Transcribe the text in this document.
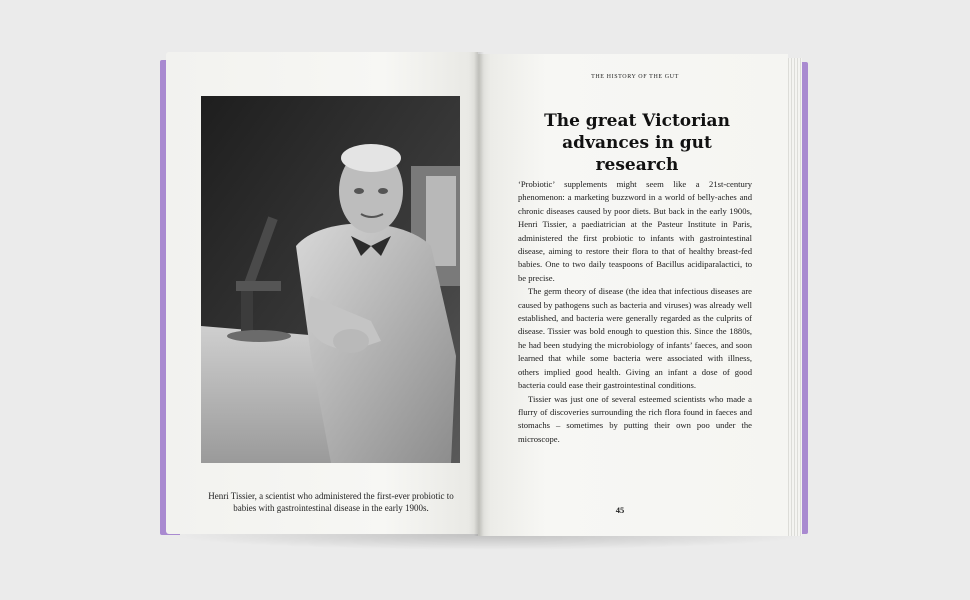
Henri Tissier, a scientist who administered the first-ever probiotic to babies with gastrointestinal disease in the early 1900s.
THE HISTORY OF THE GUT
The great Victorian advances in gut research

‘Probiotic’ supplements might seem like a 21st-century phenomenon: a marketing buzzword in a world of belly-aches and chronic diseases caused by poor diets. But back in the early 1900s, Henri Tissier, a paediatrician at the Pasteur Institute in Paris, administered the first probiotic to infants with gastrointestinal disease, aiming to restore their flora to that of healthy breast-fed babies. One to two daily teaspoons of Bacillus acidiparalactici, to be precise.

The germ theory of disease (the idea that infectious diseases are caused by pathogens such as bacteria and viruses) was already well established, and bacteria were generally regarded as the culprits of disease. Tissier was bold enough to question this. Since the 1880s, he had been studying the microbiology of infants’ faeces, and soon learned that while some bacteria were associated with illness, others implied good health. Giving an infant a dose of good bacteria could ease their gastrointestinal conditions.

Tissier was just one of several esteemed scientists who made a flurry of discoveries surrounding the rich flora found in faeces and stomachs – sometimes by putting their own poo under the microscope.

45
